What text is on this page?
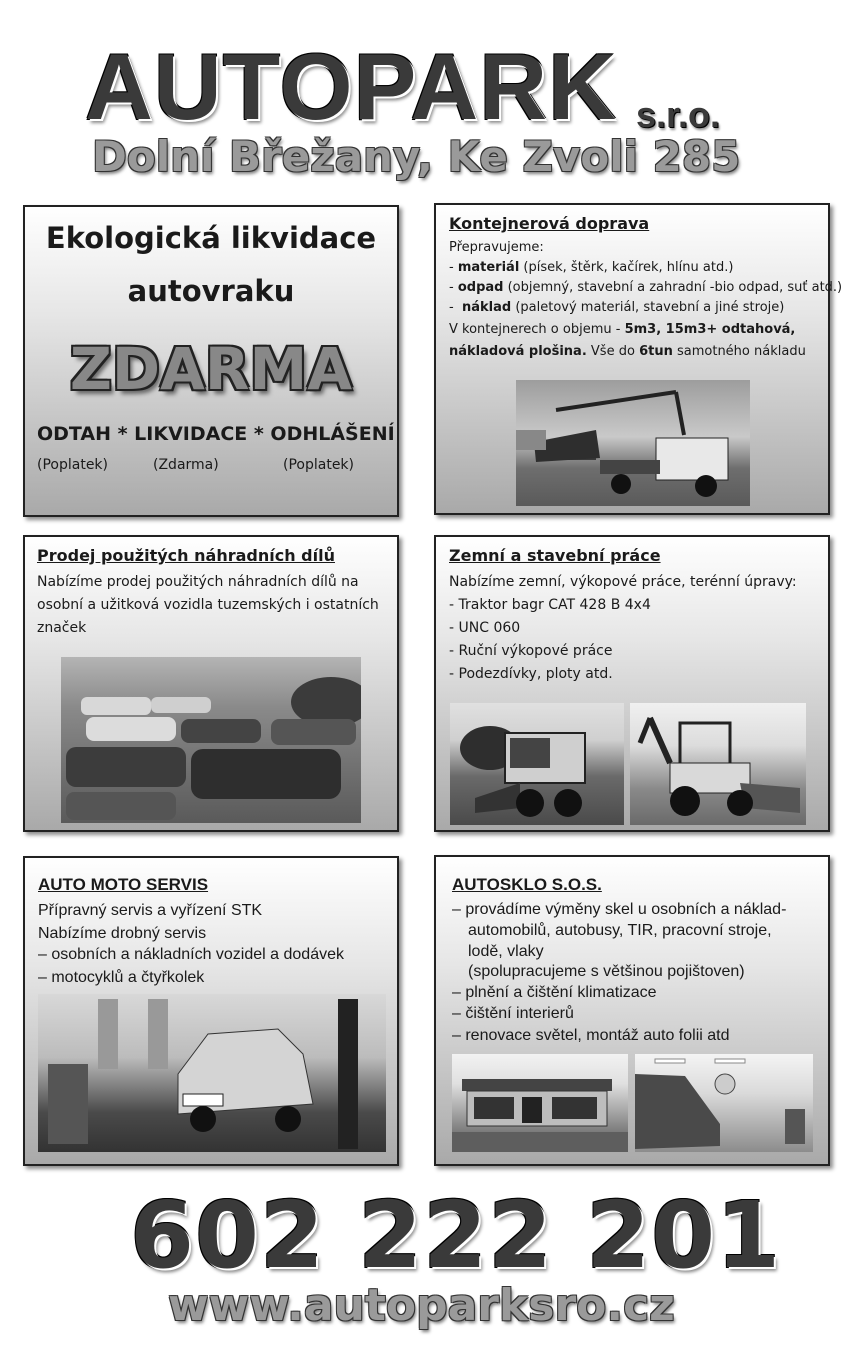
AUTOPARK s.r.o.
Dolní Břežany, Ke Zvoli 285
Ekologická likvidace
autovraku
ZDARMA
ODTAH * LIKVIDACE * ODHLÁŠENÍ
(Poplatek)	(Zdarma)	(Poplatek)
Kontejnerová doprava
Přepravujeme:
- materiál (písek, štěrk, kačírek, hlínu atd.)
- odpad (objemný, stavební a zahradní -bio odpad, suť atd.)
-  náklad (paletový materiál, stavební a jiné stroje)
V kontejnerech o objemu - 5m3, 15m3+ odtahová,
nákladová plošina. Vše do 6tun samotného nákladu
Prodej použitých náhradních dílů
Nabízíme prodej použitých náhradních dílů na
osobní a užitková vozidla tuzemských i ostatních
značek
Zemní a stavební práce
Nabízíme zemní, výkopové práce, terénní úpravy:
- Traktor bagr CAT 428 B 4x4
- UNC 060
- Ruční výkopové práce
- Podezdívky, ploty atd.
AUTO MOTO SERVIS
Přípravný servis a vyřízení STK
Nabízíme drobný servis
– osobních a nákladních vozidel a dodávek
– motocyklů a čtyřkolek
AUTOSKLO S.O.S.
– provádíme výměny skel u osobních a náklad-
automobilů, autobusy, TIR, pracovní stroje,
lodě, vlaky
(spolupracujeme s většinou pojištoven)
– plnění a čištění klimatizace
– čištění interierů
– renovace světel, montáž auto folii atd
602 222 201
www.autoparksro.cz
